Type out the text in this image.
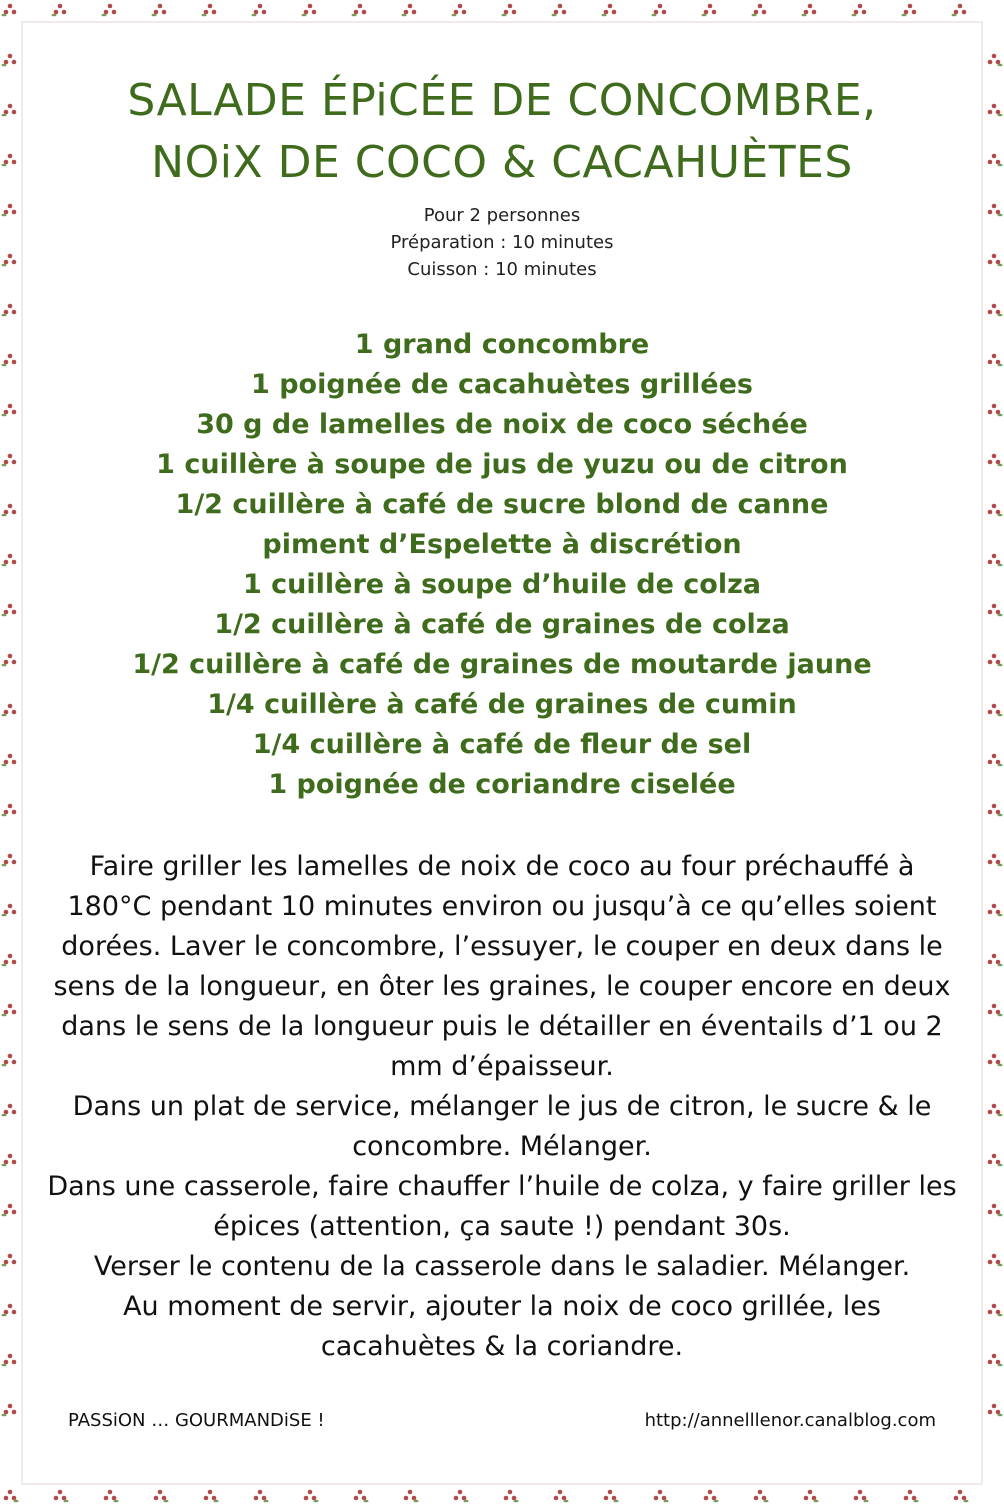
SALADE ÉPiCÉE DE CONCOMBRE,
NOiX DE COCO & CACAHUÈTES
Pour 2 personnes
Préparation : 10 minutes
Cuisson : 10 minutes
1 grand concombre
1 poignée de cacahuètes grillées
30 g de lamelles de noix de coco séchée
1 cuillère à soupe de jus de yuzu ou de citron
1/2 cuillère à café de sucre blond de canne
piment d’Espelette à discrétion
1 cuillère à soupe d’huile de colza
1/2 cuillère à café de graines de colza
1/2 cuillère à café de graines de moutarde jaune
1/4 cuillère à café de graines de cumin
1/4 cuillère à café de fleur de sel
1 poignée de coriandre ciselée

Faire griller les lamelles de noix de coco au four préchauffé à 180°C pendant 10 minutes environ ou jusqu’à ce qu’elles soient dorées. Laver le concombre, l’essuyer, le couper en deux dans le sens de la longueur, en ôter les graines, le couper encore en deux dans le sens de la longueur puis le détailler en éventails d’1 ou 2 mm d’épaisseur.

Dans un plat de service, mélanger le jus de citron, le sucre & le concombre. Mélanger.

Dans une casserole, faire chauffer l’huile de colza, y faire griller les épices (attention, ça saute !) pendant 30s.

Verser le contenu de la casserole dans le saladier. Mélanger.

Au moment de servir, ajouter la noix de coco grillée, les cacahuètes & la coriandre.

PASSiON … GOURMANDiSE !	http://annelllenor.canalblog.com
